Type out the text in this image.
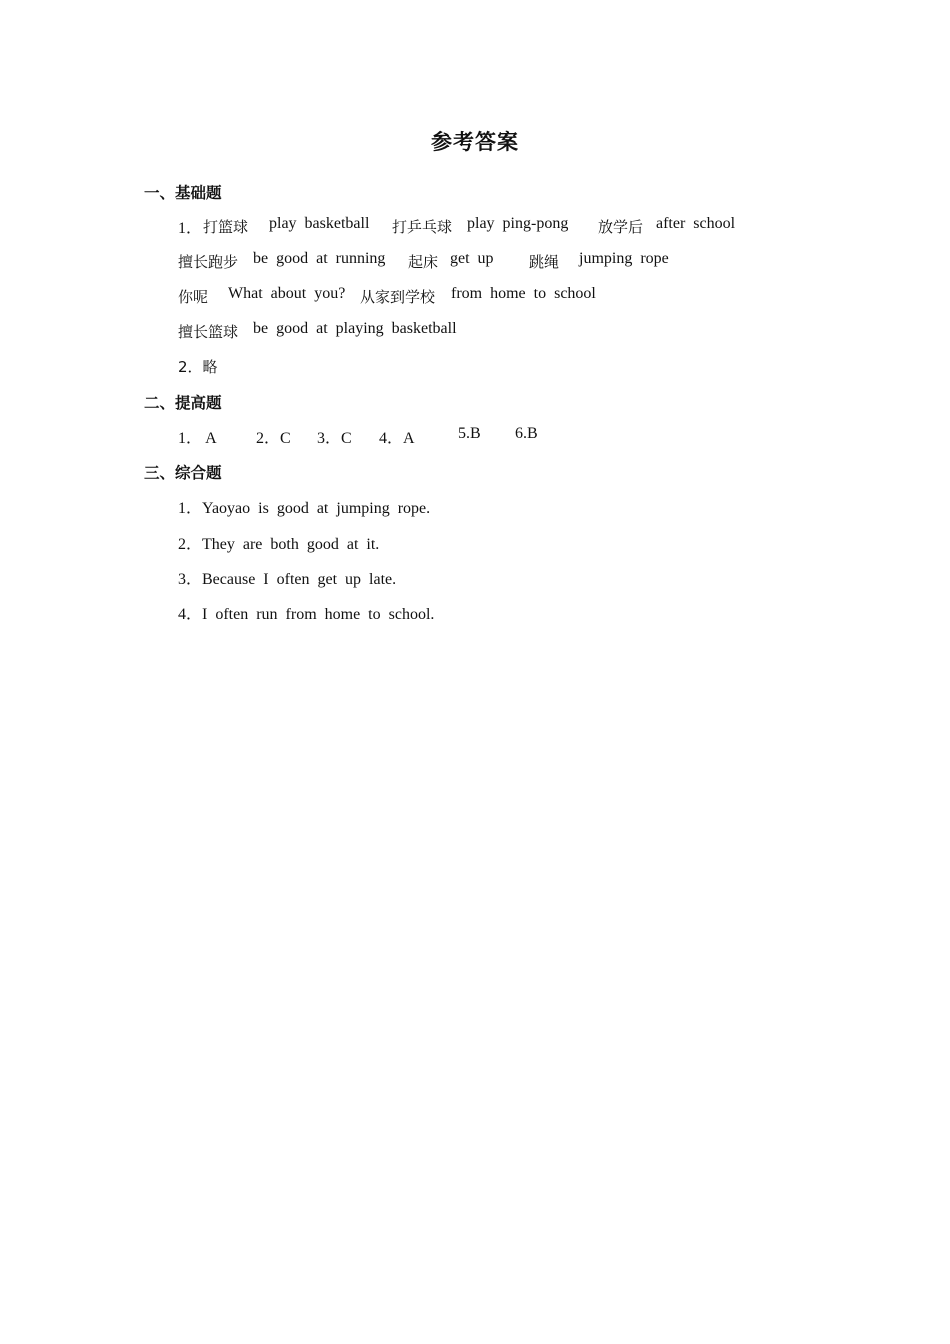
参考答案
一、基础题
1． 打篮球 play basketball 打乒乓球 play ping-pong 放学后 after school
擅长跑步 be good at running 起床 get up 跳绳 jumping rope
你呢 What about you? 从家到学校 from home to school
擅长篮球 be good at playing basketball
2．略
二、提高题
1． A 2．C 3．C 4．A	5.B 6.B
三、综合题
1．Yaoyao is good at jumping rope.
2．They are both good at it.
3．Because I often get up late.
4．I often run from home to school.
